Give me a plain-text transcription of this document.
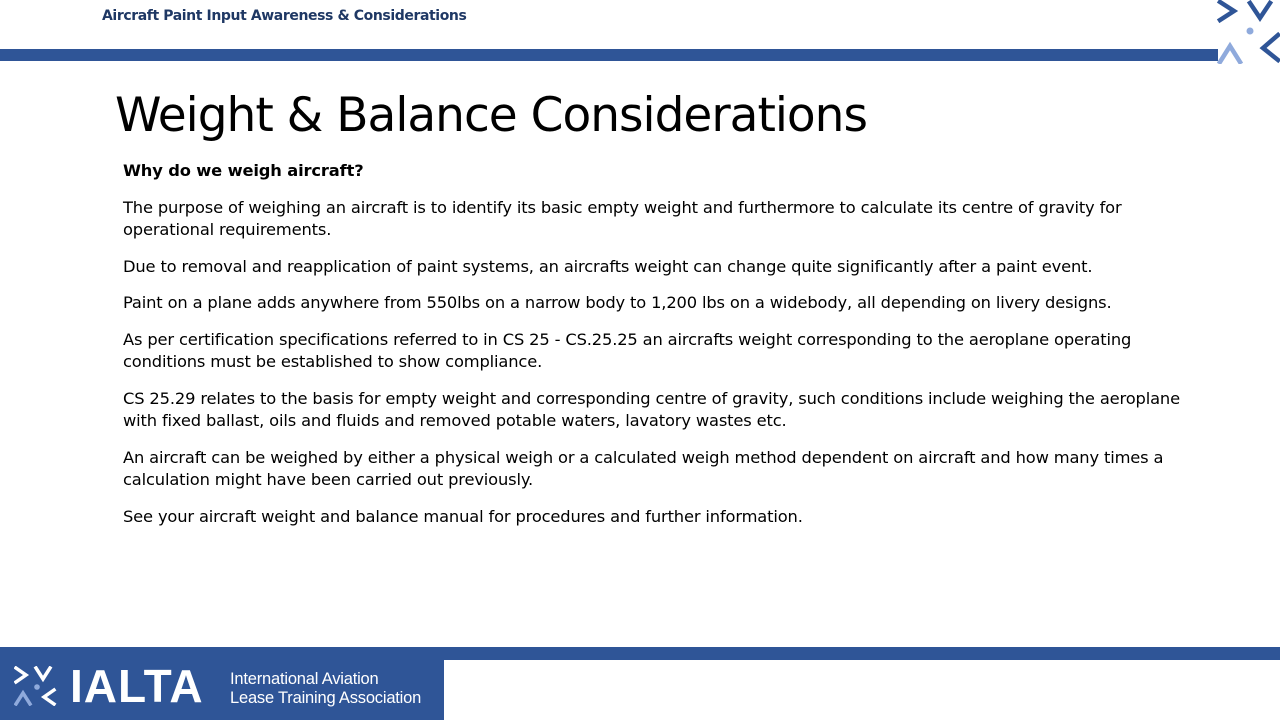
Aircraft Paint Input Awareness & Considerations
Weight & Balance Considerations

Why do we weigh aircraft?

The purpose of weighing an aircraft is to identify its basic empty weight and furthermore to calculate its centre of gravity for operational requirements.

Due to removal and reapplication of paint systems, an aircrafts weight can change quite significantly after a paint event.

Paint on a plane adds anywhere from 550lbs on a narrow body to 1,200 lbs on a widebody, all depending on livery designs.

As per certification specifications referred to in CS 25 - CS.25.25 an aircrafts weight corresponding to the aeroplane operating conditions must be established to show compliance.

CS 25.29 relates to the basis for empty weight and corresponding centre of gravity, such conditions include weighing the aeroplane with fixed ballast, oils and fluids and removed potable waters, lavatory wastes etc.

An aircraft can be weighed by either a physical weigh or a calculated weigh method dependent on aircraft and how many times a calculation might have been carried out previously.

See your aircraft weight and balance manual for procedures and further information.

IALTA International Aviation
Lease Training Association
